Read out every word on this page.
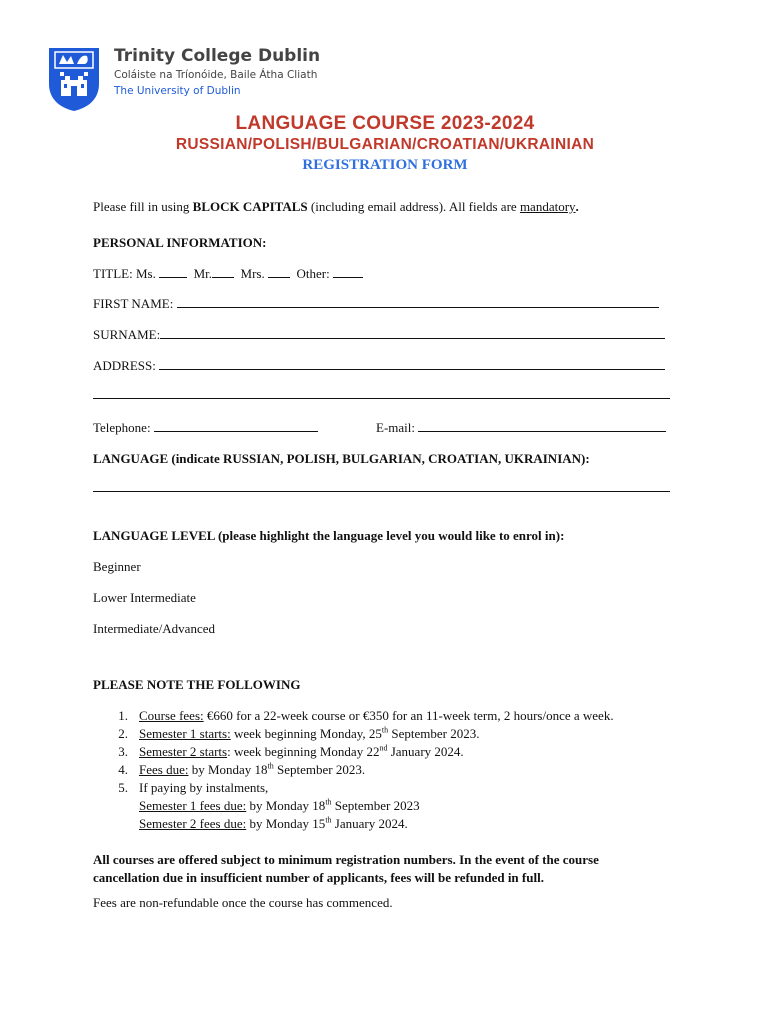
Trinity College Dublin
Coláiste na Tríonóide, Baile Átha Cliath
The University of Dublin
LANGUAGE COURSE 2023-2024
RUSSIAN/POLISH/BULGARIAN/CROATIAN/UKRAINIAN
REGISTRATION FORM
Please fill in using BLOCK CAPITALS (including email address). All fields are mandatory.
PERSONAL INFORMATION:
TITLE: Ms.	Mr. Mrs.   Other:
FIRST NAME:
SURNAME:
ADDRESS:
Telephone:	E-mail:
LANGUAGE (indicate RUSSIAN, POLISH, BULGARIAN, CROATIAN, UKRAINIAN):
LANGUAGE LEVEL (please highlight the language level you would like to enrol in):
Beginner
Lower Intermediate
Intermediate/Advanced
PLEASE NOTE THE FOLLOWING
1. Course fees: €660 for a 22-week course or €350 for an 11-week term, 2 hours/once a week.
2. Semester 1 starts: week beginning Monday, 25th September 2023.
3. Semester 2 starts: week beginning Monday 22nd January 2024.
4. Fees due: by Monday 18th September 2023.
5. If paying by instalments,
Semester 1 fees due: by Monday 18th September 2023
Semester 2 fees due: by Monday 15th January 2024.
All courses are offered subject to minimum registration numbers. In the event of the course
cancellation due in insufficient number of applicants, fees will be refunded in full.
Fees are non-refundable once the course has commenced.
